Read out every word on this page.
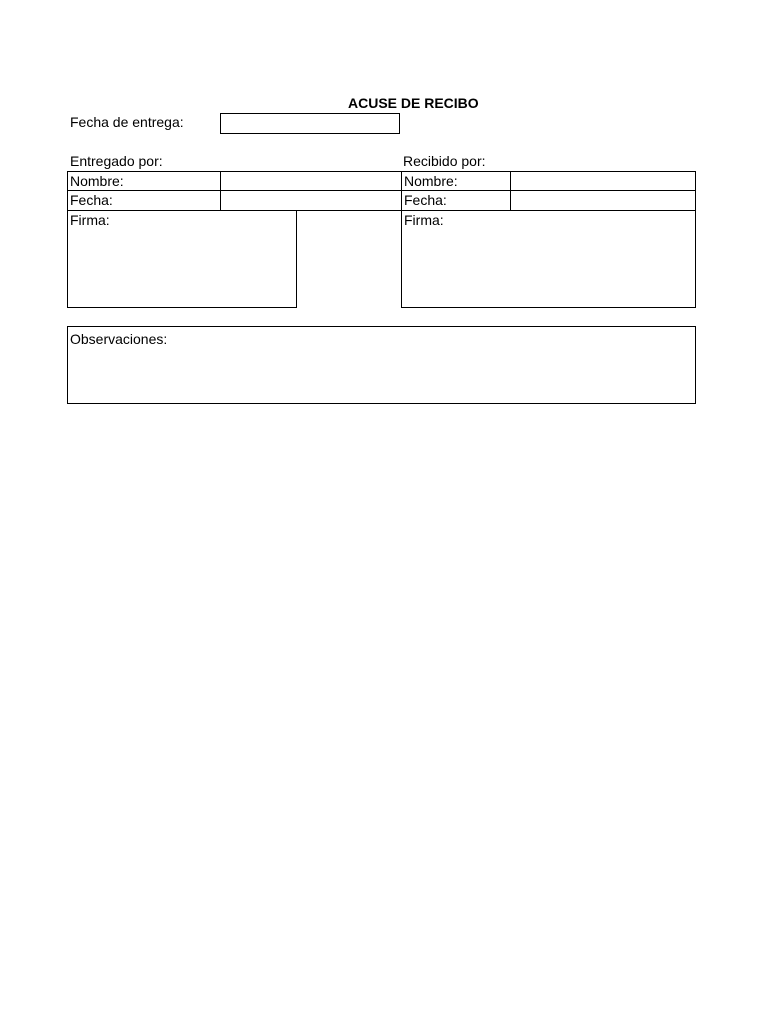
ACUSE DE RECIBO
Fecha de entrega:
Entregado por:
Nombre:
Fecha:
Firma:
Recibido por:
Nombre:
Fecha:
Firma:
Observaciones:
